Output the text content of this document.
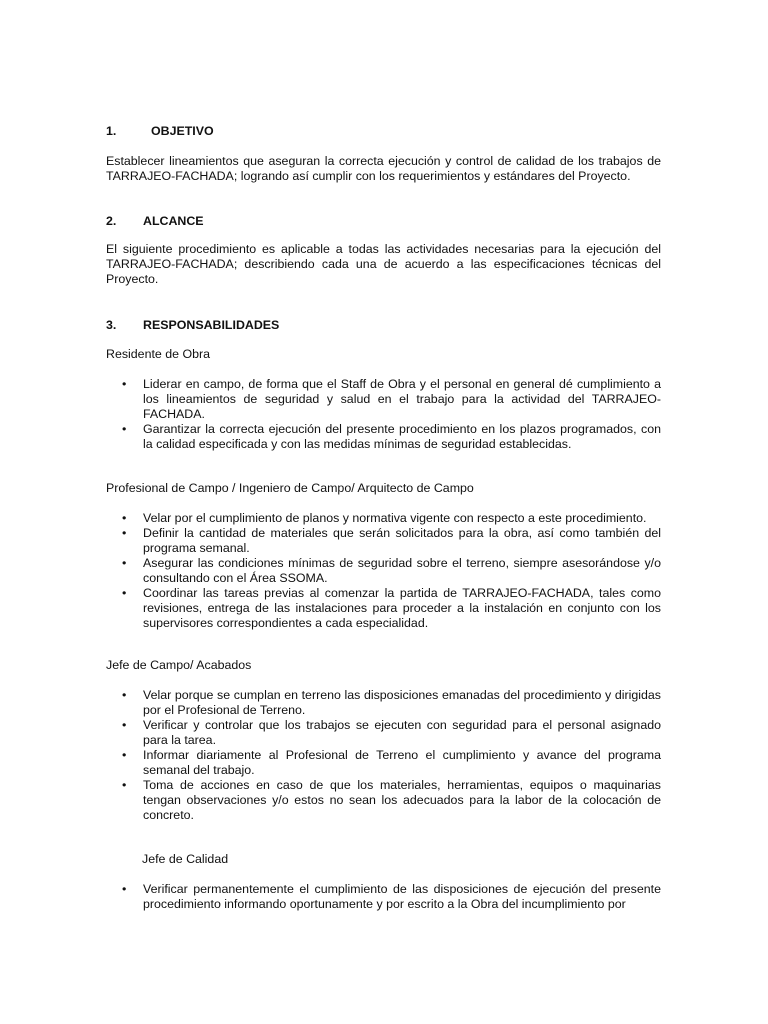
1.	OBJETIVO

Establecer lineamientos que aseguran la correcta ejecución y control de calidad de los trabajos de TARRAJEO-FACHADA; logrando así cumplir con los requerimientos y estándares del Proyecto.

2. ALCANCE

El siguiente procedimiento es aplicable a todas las actividades necesarias para la ejecución del TARRAJEO-FACHADA; describiendo cada una de acuerdo a las especificaciones técnicas del Proyecto.

3. RESPONSABILIDADES
Residente de Obra
• Liderar en campo, de forma que el Staff de Obra y el personal en general dé cumplimiento a los lineamientos de seguridad y salud en el trabajo para la actividad del TARRAJEO-FACHADA.
• Garantizar la correcta ejecución del presente procedimiento en los plazos programados, con la calidad especificada y con las medidas mínimas de seguridad establecidas.
Profesional de Campo / Ingeniero de Campo/ Arquitecto de Campo
• Velar por el cumplimiento de planos y normativa vigente con respecto a este procedimiento.
• Definir la cantidad de materiales que serán solicitados para la obra, así como también del programa semanal.
• Asegurar las condiciones mínimas de seguridad sobre el terreno, siempre asesorándose y/o consultando con el Área SSOMA.
• Coordinar las tareas previas al comenzar la partida de TARRAJEO-FACHADA, tales como revisiones, entrega de las instalaciones para proceder a la instalación en conjunto con los supervisores correspondientes a cada especialidad.
Jefe de Campo/ Acabados
• Velar porque se cumplan en terreno las disposiciones emanadas del procedimiento y dirigidas por el Profesional de Terreno.
• Verificar y controlar que los trabajos se ejecuten con seguridad para el personal asignado para la tarea.
• Informar diariamente al Profesional de Terreno el cumplimiento y avance del programa semanal del trabajo.
• Toma de acciones en caso de que los materiales, herramientas, equipos o maquinarias tengan observaciones y/o estos no sean los adecuados para la labor de la colocación de concreto.
Jefe de Calidad
• Verificar permanentemente el cumplimiento de las disposiciones de ejecución del presente procedimiento informando oportunamente y por escrito a la Obra del incumplimiento por
